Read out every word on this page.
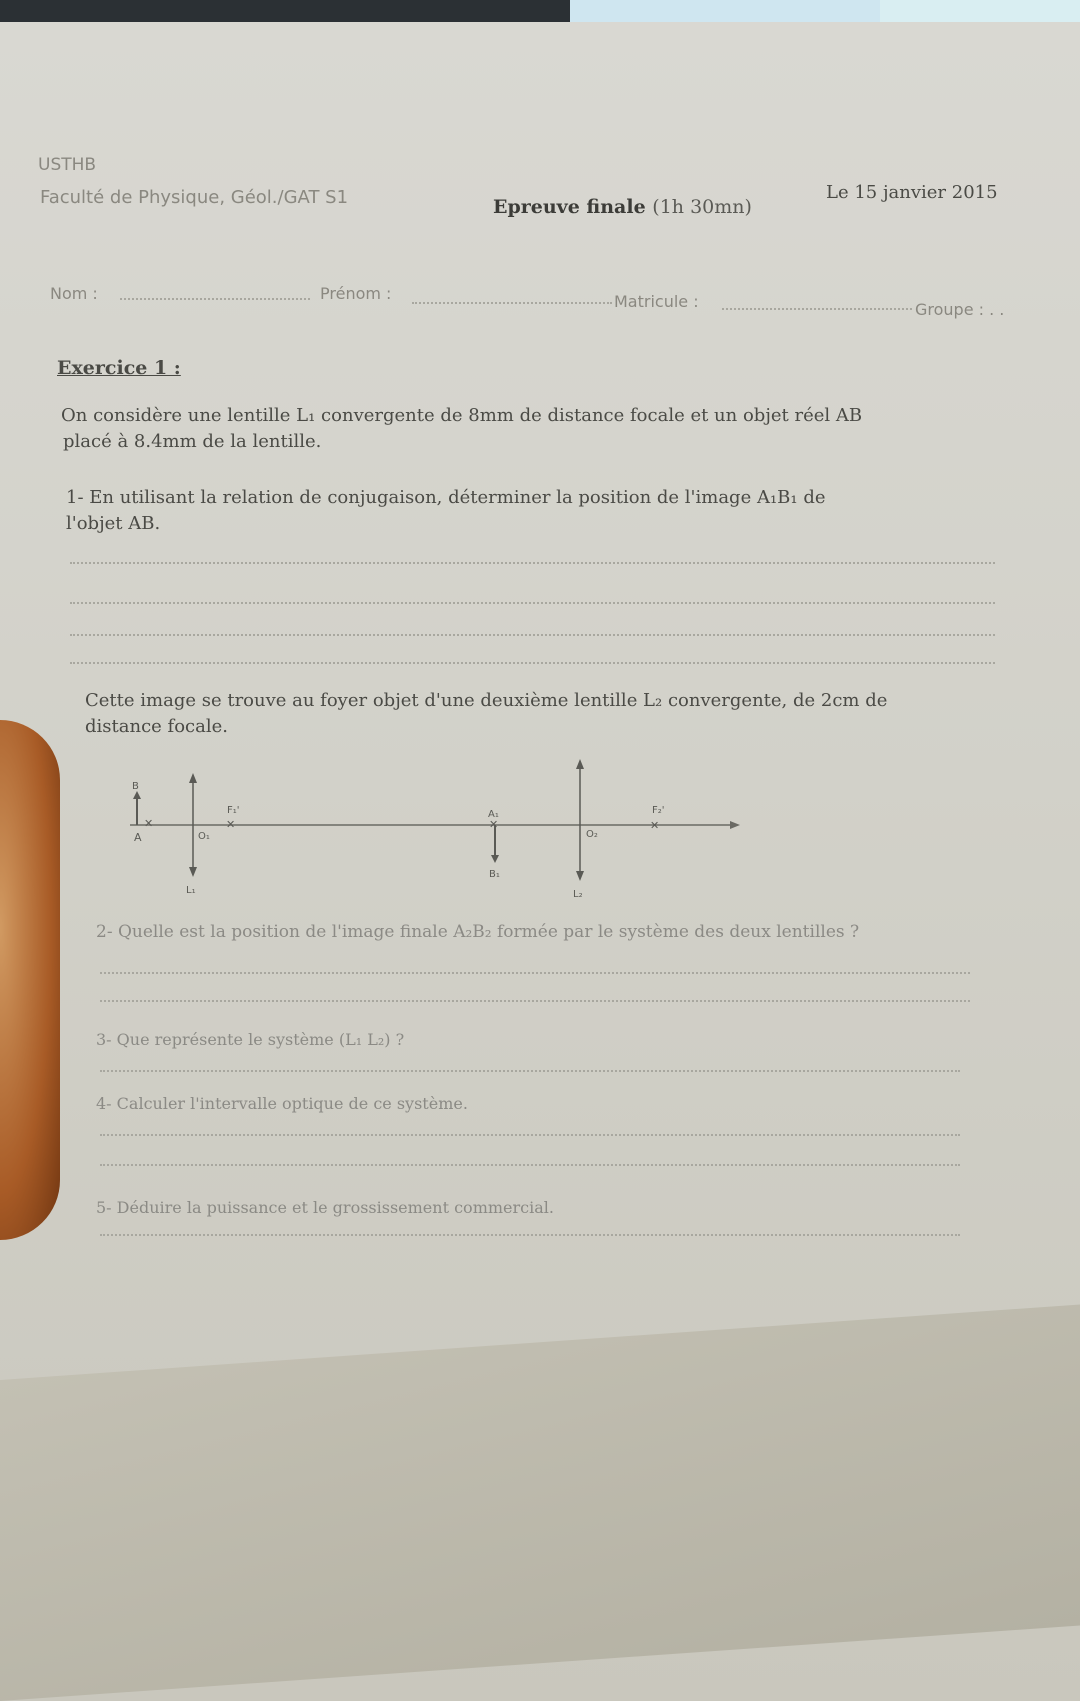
USTHB
Faculté de Physique, Géol./GAT S1	Epreuve finale (1h 30mn)
Le 15 janvier 2015
Nom :	Prénom :	Matricule :	Groupe : . .
Exercice 1 :
On considère une lentille L₁ convergente de 8mm de distance focale et un objet réel AB
placé à 8.4mm de la lentille.
1- En utilisant la relation de conjugaison, déterminer la position de l'image A₁B₁ de
l'objet AB.
Cette image se trouve au foyer objet d'une deuxième lentille L₂ convergente, de 2cm de
distance focale.
2- Quelle est la position de l'image finale A₂B₂ formée par le système des deux lentilles ?
3- Que représente le système (L₁ L₂) ?
4- Calculer l'intervalle optique de ce système.
5- Déduire la puissance et le grossissement commercial.
B
A
✕
O₁
F₁'
✕
L₁
A₁
✕
B₁
O₂
F₂'
✕
L₂
